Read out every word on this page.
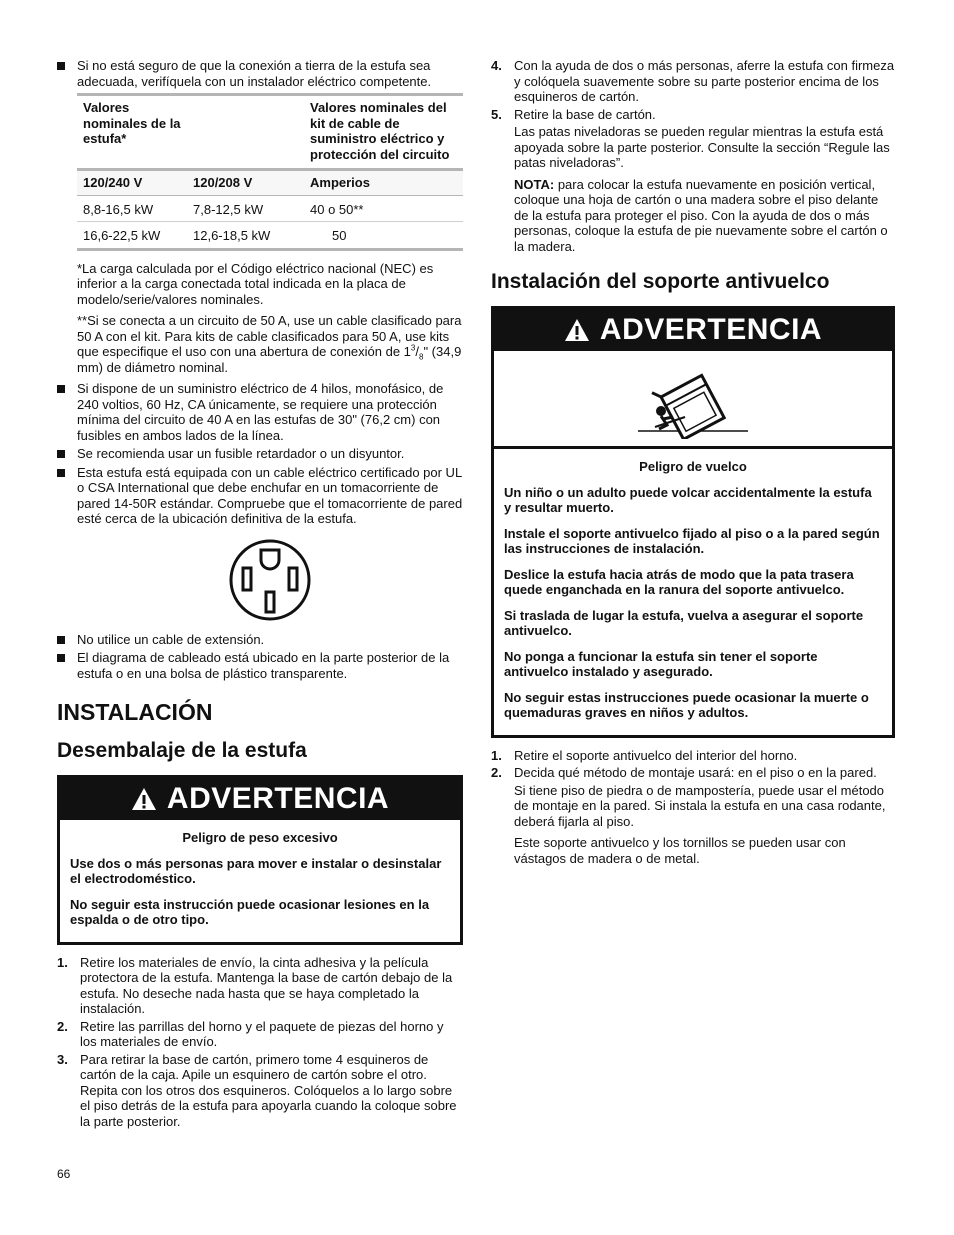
Si no está seguro de que la conexión a tierra de la estufa sea adecuada, verifíquela con un instalador eléctrico competente.
Valores nominales de la estufa*		Valores nominales del kit de cable de suministro eléctrico y protección del circuito
120/240 V	120/208 V	Amperios
8,8-16,5 kW	7,8-12,5 kW	40 o 50**
16,6-22,5 kW	12,6-18,5 kW	50

*La carga calculada por el Código eléctrico nacional (NEC) es inferior a la carga conectada total indicada en la placa de modelo/serie/valores nominales.

**Si se conecta a un circuito de 50 A, use un cable clasificado para 50 A con el kit. Para kits de cable clasificados para 50 A, use kits que especifique el uso con una abertura de conexión de $1^3/_8$" (34,9 mm) de diámetro nominal.

Si dispone de un suministro eléctrico de 4 hilos, monofásico, de 240 voltios, 60 Hz, CA únicamente, se requiere una protección mínima del circuito de 40 A en las estufas de 30" (76,2 cm) con fusibles en ambos lados de la línea.
Se recomienda usar un fusible retardador o un disyuntor.
Esta estufa está equipada con un cable eléctrico certificado por UL o CSA International que debe enchufar en un tomacorriente de pared 14-50R estándar. Compruebe que el tomacorriente de pared esté cerca de la ubicación definitiva de la estufa.
No utilice un cable de extensión.
El diagrama de cableado está ubicado en la parte posterior de la estufa o en una bolsa de plástico transparente.
INSTALACIÓN
Desembalaje de la estufa
ADVERTENCIA

Peligro de peso excesivo

Use dos o más personas para mover e instalar o desinstalar el electrodoméstico.

No seguir esta instrucción puede ocasionar lesiones en la espalda o de otro tipo.

1. Retire los materiales de envío, la cinta adhesiva y la película protectora de la estufa. Mantenga la base de cartón debajo de la estufa. No deseche nada hasta que se haya completado la instalación.
2. Retire las parrillas del horno y el paquete de piezas del horno y los materiales de envío.
3. Para retirar la base de cartón, primero tome 4 esquineros de cartón de la caja. Apile un esquinero de cartón sobre el otro. Repita con los otros dos esquineros. Colóquelos a lo largo sobre el piso detrás de la estufa para apoyarla cuando la coloque sobre la parte posterior.
4. Con la ayuda de dos o más personas, aferre la estufa con firmeza y colóquela suavemente sobre su parte posterior encima de los esquineros de cartón.
5. Retire la base de cartón.

Las patas niveladoras se pueden regular mientras la estufa está apoyada sobre la parte posterior. Consulte la sección “Regule las patas niveladoras”.

NOTA: para colocar la estufa nuevamente en posición vertical, coloque una hoja de cartón o una madera sobre el piso delante de la estufa para proteger el piso. Con la ayuda de dos o más personas, coloque la estufa de pie nuevamente sobre el cartón o la madera.

Instalación del soporte antivuelco
ADVERTENCIA

Peligro de vuelco

Un niño o un adulto puede volcar accidentalmente la estufa y resultar muerto.

Instale el soporte antivuelco fijado al piso o a la pared según las instrucciones de instalación.

Deslice la estufa hacia atrás de modo que la pata trasera quede enganchada en la ranura del soporte antivuelco.

Si traslada de lugar la estufa, vuelva a asegurar el soporte antivuelco.

No ponga a funcionar la estufa sin tener el soporte antivuelco instalado y asegurado.

No seguir estas instrucciones puede ocasionar la muerte o quemaduras graves en niños y adultos.

1. Retire el soporte antivuelco del interior del horno.
2. Decida qué método de montaje usará: en el piso o en la pared.

Si tiene piso de piedra o de mampostería, puede usar el método de montaje en la pared. Si instala la estufa en una casa rodante, deberá fijarla al piso.

Este soporte antivuelco y los tornillos se pueden usar con vástagos de madera o de metal.

66
